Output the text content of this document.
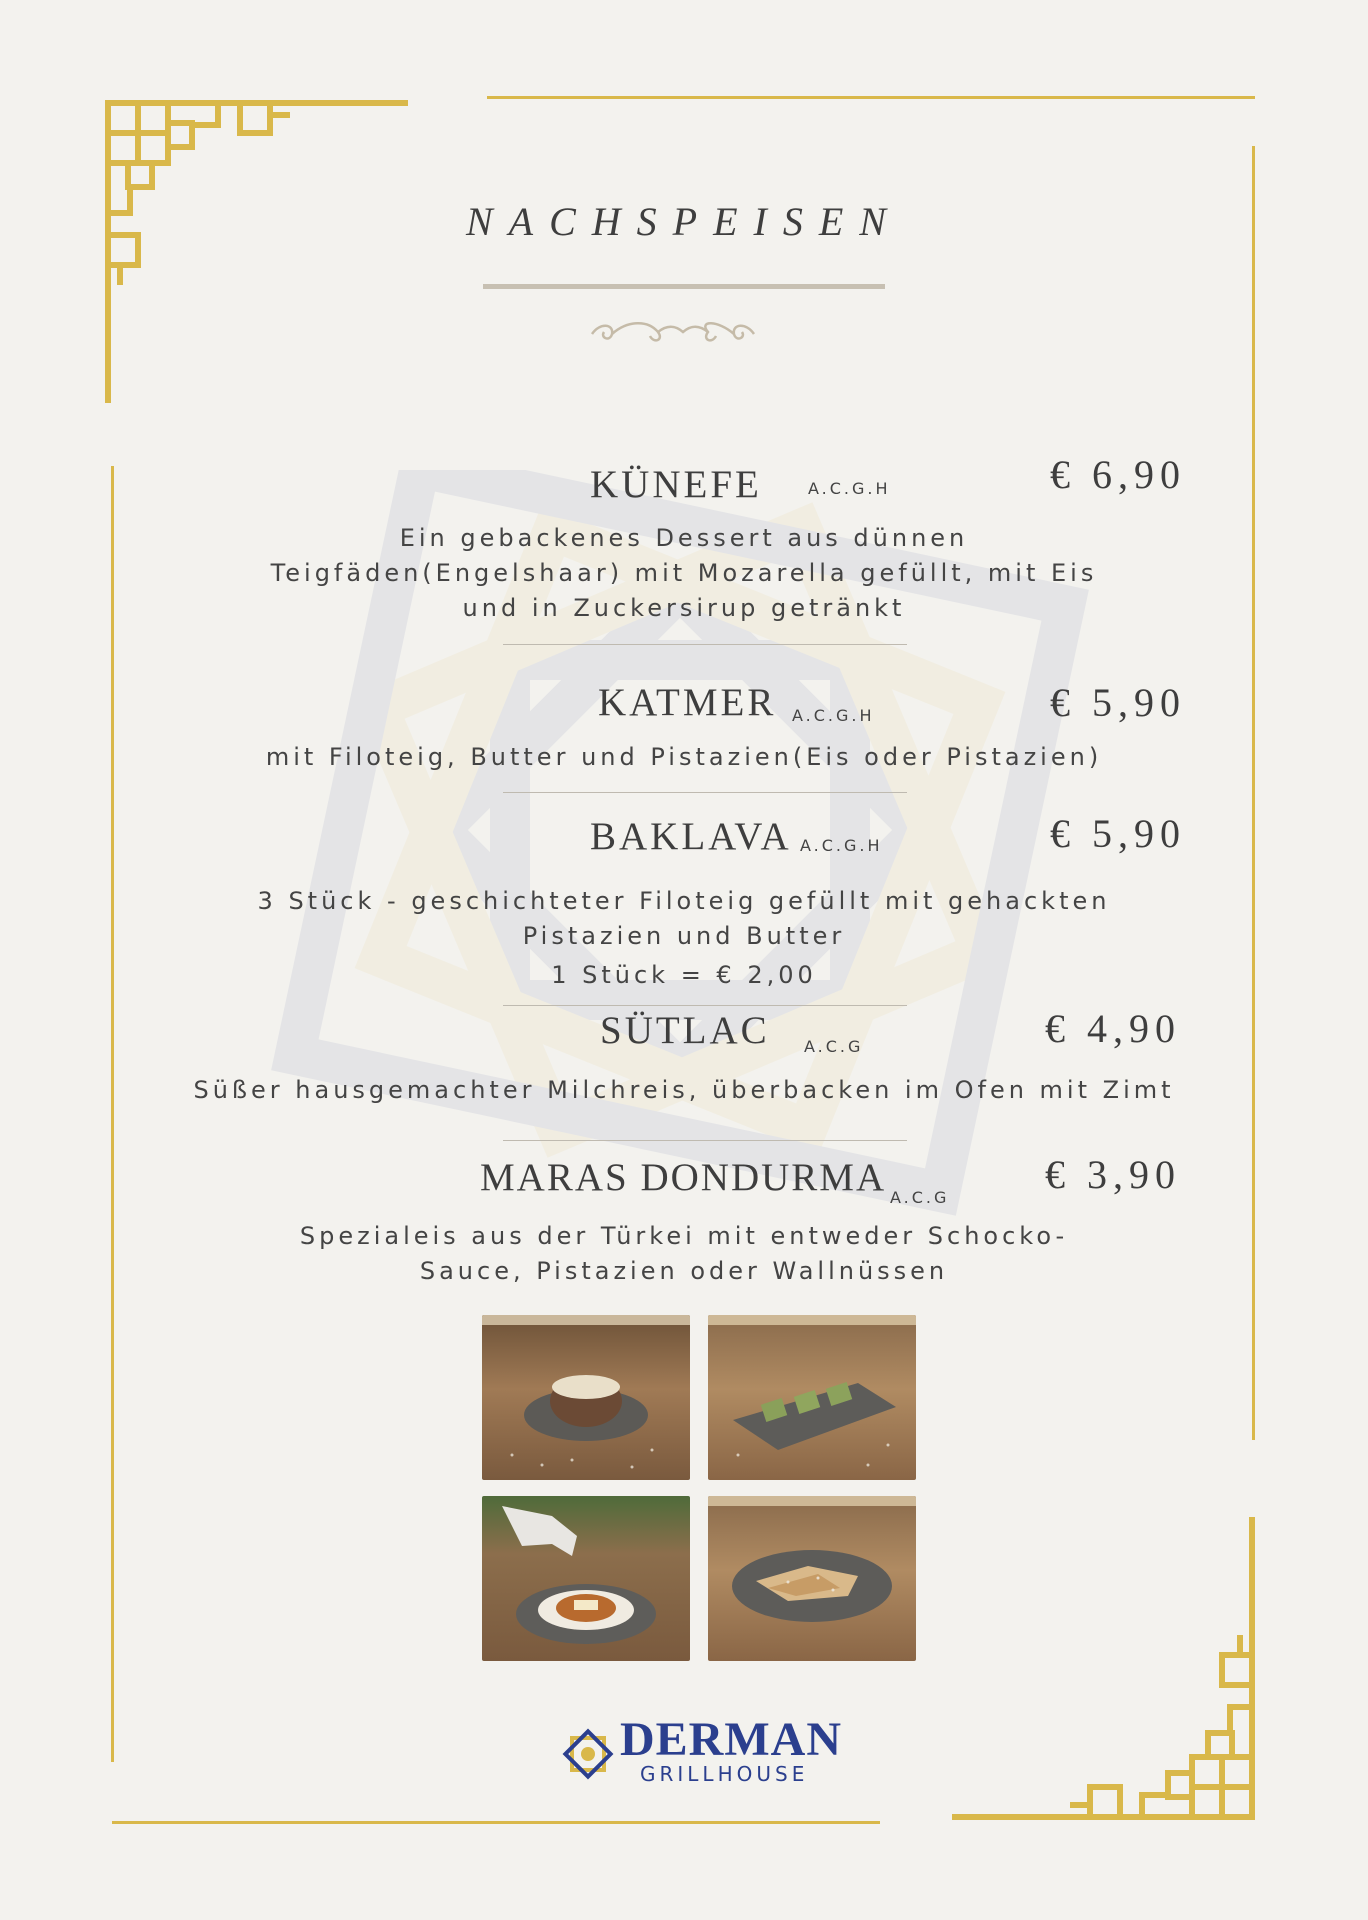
NACHSPEISEN
KÜNEFE	A.C.G.H	€ 6,90
Ein gebackenes Dessert aus dünnen
Teigfäden(Engelshaar) mit Mozarella gefüllt, mit Eis
und in Zuckersirup getränkt
KATMER A.C.G.H	€ 5,90
mit Filoteig, Butter und Pistazien(Eis oder Pistazien)
BAKLAVA A.C.G.H	€ 5,90
3 Stück - geschichteter Filoteig gefüllt mit gehackten
Pistazien und Butter
1 Stück = € 2,00
SÜTLAC A.C.G	€ 4,90
Süßer hausgemachter Milchreis, überbacken im Ofen mit Zimt
MARAS DONDURMA A.C.G
€ 3,90
Spezialeis aus der Türkei mit entweder Schocko-
Sauce, Pistazien oder Wallnüssen
DERMAN
GRILLHOUSE
